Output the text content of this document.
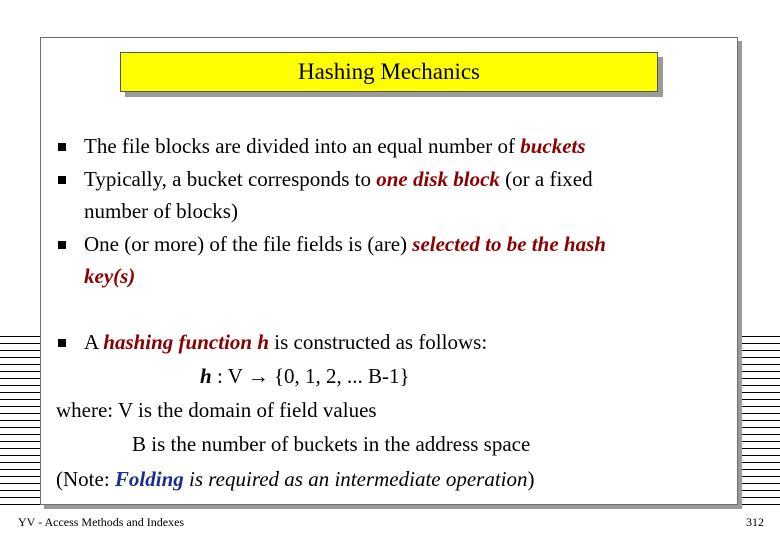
Hashing Mechanics
The file blocks are divided into an equal number of buckets
Typically, a bucket corresponds to one disk block (or a fixed
number of blocks)
One (or more) of the file fields is (are) selected to be the hash
key(s)
A hashing function h is constructed as follows:
h : V → {0, 1, 2, ... B-1}
where: V is the domain of field values
B is the number of buckets in the address space
(Note: Folding is required as an intermediate operation)
YV - Access Methods and Indexes	312
